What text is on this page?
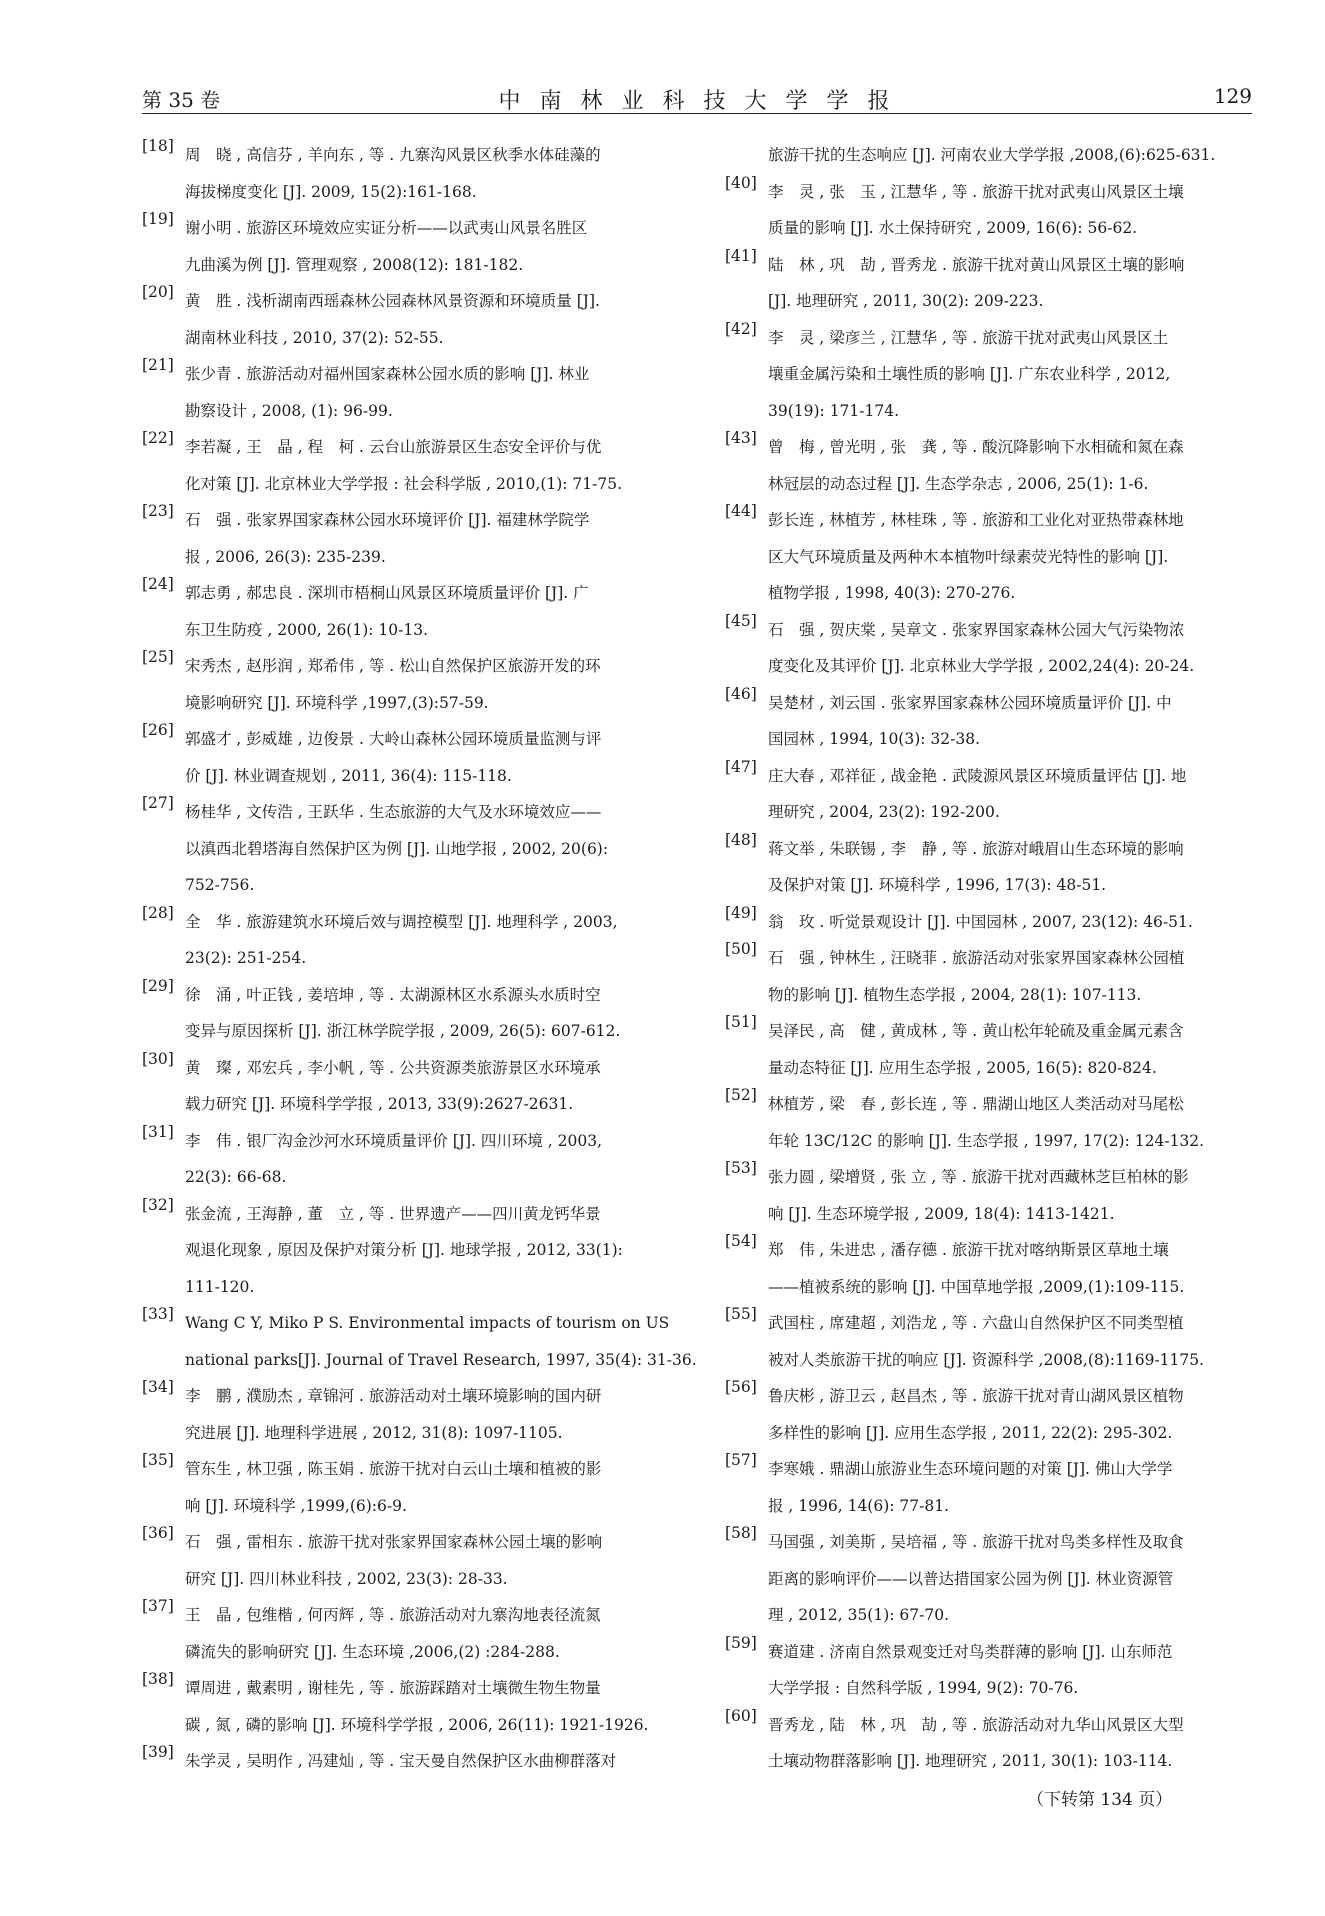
第 35 卷	中 南 林 业 科 技 大 学 学 报	129
[18] 周　晓 , 高信芬 , 羊向东 , 等 . 九寨沟风景区秋季水体硅藻的
海拔梯度变化 [J]. 2009, 15(2):161-168.
[19] 谢小明 . 旅游区环境效应实证分析——以武夷山风景名胜区
九曲溪为例 [J]. 管理观察 , 2008(12): 181-182.
[20] 黄　胜 . 浅析湖南西瑶森林公园森林风景资源和环境质量 [J].
湖南林业科技 , 2010, 37(2): 52-55.
[21] 张少青 . 旅游活动对福州国家森林公园水质的影响 [J]. 林业
勘察设计 , 2008, (1): 96-99.
[22] 李若凝 , 王　晶 , 程　柯 . 云台山旅游景区生态安全评价与优
化对策 [J]. 北京林业大学学报 : 社会科学版 , 2010,(1): 71-75.
[23] 石　强 . 张家界国家森林公园水环境评价 [J]. 福建林学院学
报 , 2006, 26(3): 235-239.
[24] 郭志勇 , 郝忠良 . 深圳市梧桐山风景区环境质量评价 [J]. 广
东卫生防疫 , 2000, 26(1): 10-13.
[25] 宋秀杰 , 赵彤润 , 郑希伟 , 等 . 松山自然保护区旅游开发的环
境影响研究 [J]. 环境科学 ,1997,(3):57-59.
[26] 郭盛才 , 彭威雄 , 边俊景 . 大岭山森林公园环境质量监测与评
价 [J]. 林业调查规划 , 2011, 36(4): 115-118.
[27] 杨桂华 , 文传浩 , 王跃华 . 生态旅游的大气及水环境效应——
以滇西北碧塔海自然保护区为例 [J]. 山地学报 , 2002, 20(6):
752-756.
[28] 全　华 . 旅游建筑水环境后效与调控模型 [J]. 地理科学 , 2003,
23(2): 251-254.
[29] 徐　涌 , 叶正钱 , 姜培坤 , 等 . 太湖源林区水系源头水质时空
变异与原因探析 [J]. 浙江林学院学报 , 2009, 26(5): 607-612.
[30] 黄　璨 , 邓宏兵 , 李小帆 , 等 . 公共资源类旅游景区水环境承
载力研究 [J]. 环境科学学报 , 2013, 33(9):2627-2631.
[31] 李　伟 . 银厂沟金沙河水环境质量评价 [J]. 四川环境 , 2003,
22(3): 66-68.
[32] 张金流 , 王海静 , 董　立 , 等 . 世界遗产——四川黄龙钙华景
观退化现象 , 原因及保护对策分析 [J]. 地球学报 , 2012, 33(1):
111-120.
[33] Wang C Y, Miko P S. Environmental impacts of tourism on US
national parks[J]. Journal of Travel Research, 1997, 35(4): 31-36.
[34] 李　鹏 , 濮励杰 , 章锦河 . 旅游活动对土壤环境影响的国内研
究进展 [J]. 地理科学进展 , 2012, 31(8): 1097-1105.
[35] 管东生 , 林卫强 , 陈玉娟 . 旅游干扰对白云山土壤和植被的影
响 [J]. 环境科学 ,1999,(6):6-9.
[36] 石　强 , 雷相东 . 旅游干扰对张家界国家森林公园土壤的影响
研究 [J]. 四川林业科技 , 2002, 23(3): 28-33.
[37] 王　晶 , 包维楷 , 何丙辉 , 等 . 旅游活动对九寨沟地表径流氮
磷流失的影响研究 [J]. 生态环境 ,2006,(2) :284-288.
[38] 谭周进 , 戴素明 , 谢桂先 , 等 . 旅游踩踏对土壤微生物生物量
碳 , 氮 , 磷的影响 [J]. 环境科学学报 , 2006, 26(11): 1921-1926.
[39] 朱学灵 , 吴明作 , 冯建灿 , 等 . 宝天曼自然保护区水曲柳群落对
旅游干扰的生态响应 [J]. 河南农业大学学报 ,2008,(6):625-631.
[40] 李　灵 , 张　玉 , 江慧华 , 等 . 旅游干扰对武夷山风景区土壤
质量的影响 [J]. 水土保持研究 , 2009, 16(6): 56-62.
[41] 陆　林 , 巩　劼 , 晋秀龙 . 旅游干扰对黄山风景区土壤的影响
[J]. 地理研究 , 2011, 30(2): 209-223.
[42] 李　灵 , 梁彦兰 , 江慧华 , 等 . 旅游干扰对武夷山风景区土
壤重金属污染和土壤性质的影响 [J]. 广东农业科学 , 2012,
39(19): 171-174.
[43] 曾　梅 , 曾光明 , 张　龚 , 等 . 酸沉降影响下水相硫和氮在森
林冠层的动态过程 [J]. 生态学杂志 , 2006, 25(1): 1-6.
[44] 彭长连 , 林植芳 , 林桂珠 , 等 . 旅游和工业化对亚热带森林地
区大气环境质量及两种木本植物叶绿素荧光特性的影响 [J].
植物学报 , 1998, 40(3): 270-276.
[45] 石　强 , 贺庆棠 , 吴章文 . 张家界国家森林公园大气污染物浓
度变化及其评价 [J]. 北京林业大学学报 , 2002,24(4): 20-24.
[46] 吴楚材 , 刘云国 . 张家界国家森林公园环境质量评价 [J]. 中
国园林 , 1994, 10(3): 32-38.
[47] 庄大春 , 邓祥征 , 战金艳 . 武陵源风景区环境质量评估 [J]. 地
理研究 , 2004, 23(2): 192-200.
[48] 蒋文举 , 朱联锡 , 李　静 , 等 . 旅游对峨眉山生态环境的影响
及保护对策 [J]. 环境科学 , 1996, 17(3): 48-51.
[49] 翁　玫 . 听觉景观设计 [J]. 中国园林 , 2007, 23(12): 46-51.
[50] 石　强 , 钟林生 , 汪晓菲 . 旅游活动对张家界国家森林公园植
物的影响 [J]. 植物生态学报 , 2004, 28(1): 107-113.
[51] 吴泽民 , 高　健 , 黄成林 , 等 . 黄山松年轮硫及重金属元素含
量动态特征 [J]. 应用生态学报 , 2005, 16(5): 820-824.
[52] 林植芳 , 梁　春 , 彭长连 , 等 . 鼎湖山地区人类活动对马尾松
年轮 13C/12C 的影响 [J]. 生态学报 , 1997, 17(2): 124-132.
[53] 张力圆 , 梁增贤 , 张 立 , 等 . 旅游干扰对西藏林芝巨柏林的影
响 [J]. 生态环境学报 , 2009, 18(4): 1413-1421.
[54] 郑　伟 , 朱进忠 , 潘存德 . 旅游干扰对喀纳斯景区草地土壤
——植被系统的影响 [J]. 中国草地学报 ,2009,(1):109-115.
[55] 武国柱 , 席建超 , 刘浩龙 , 等 . 六盘山自然保护区不同类型植
被对人类旅游干扰的响应 [J]. 资源科学 ,2008,(8):1169-1175.
[56] 鲁庆彬 , 游卫云 , 赵昌杰 , 等 . 旅游干扰对青山湖风景区植物
多样性的影响 [J]. 应用生态学报 , 2011, 22(2): 295-302.
[57] 李寒娥 . 鼎湖山旅游业生态环境问题的对策 [J]. 佛山大学学
报 , 1996, 14(6): 77-81.
[58] 马国强 , 刘美斯 , 吴培福 , 等 . 旅游干扰对鸟类多样性及取食
距离的影响评价——以普达措国家公园为例 [J]. 林业资源管
理 , 2012, 35(1): 67-70.
[59] 赛道建 . 济南自然景观变迁对鸟类群薄的影响 [J]. 山东师范
大学学报 : 自然科学版 , 1994, 9(2): 70-76.
[60] 晋秀龙 , 陆　林 , 巩　劼 , 等 . 旅游活动对九华山风景区大型
土壤动物群落影响 [J]. 地理研究 , 2011, 30(1): 103-114.
（下转第 134 页）
